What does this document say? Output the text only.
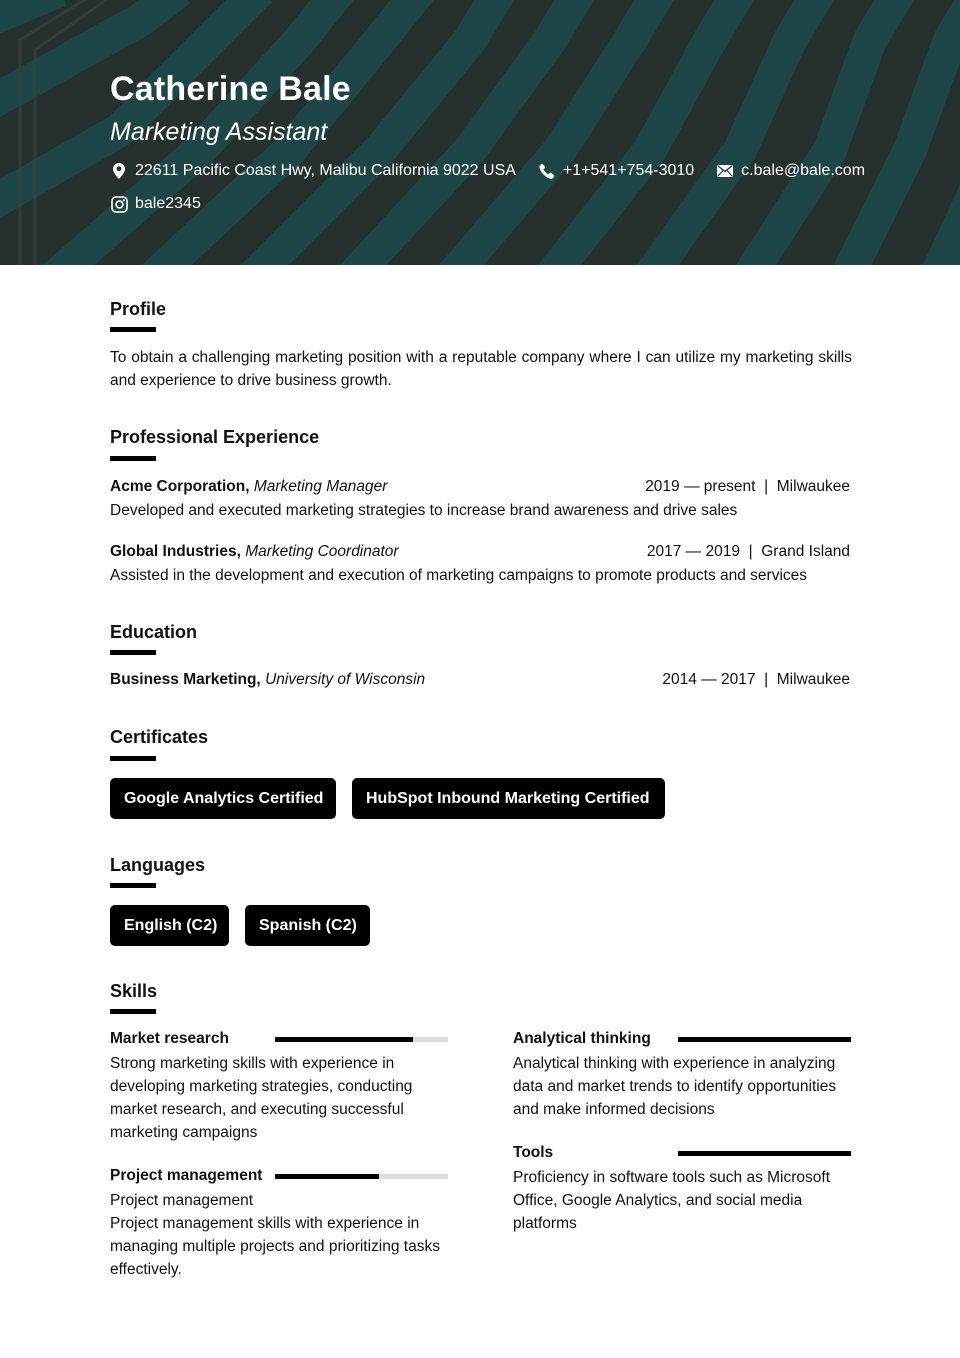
Catherine Bale
Marketing Assistant
22611 Pacific Coast Hwy, Malibu California 9022 USA	+1+541+754-3010	c.bale@bale.com
bale2345
Profile
To obtain a challenging marketing position with a reputable company where I can utilize my marketing skills and experience to drive business growth.
Professional Experience
Acme Corporation, Marketing Manager	2019 — present | Milwaukee
Developed and executed marketing strategies to increase brand awareness and drive sales
Global Industries, Marketing Coordinator	2017 — 2019 | Grand Island
Assisted in the development and execution of marketing campaigns to promote products and services
Education
Business Marketing, University of Wisconsin	2014 — 2017 | Milwaukee
Certificates
Google Analytics Certified	HubSpot Inbound Marketing Certified
Languages
English (C2)	Spanish (C2)
Skills
Market research
Strong marketing skills with experience in developing marketing strategies, conducting market research, and executing successful marketing campaigns
Project management
Project management
Project management skills with experience in managing multiple projects and prioritizing tasks effectively.
Analytical thinking
Analytical thinking with experience in analyzing data and market trends to identify opportunities and make informed decisions
Tools
Proficiency in software tools such as Microsoft Office, Google Analytics, and social media platforms
